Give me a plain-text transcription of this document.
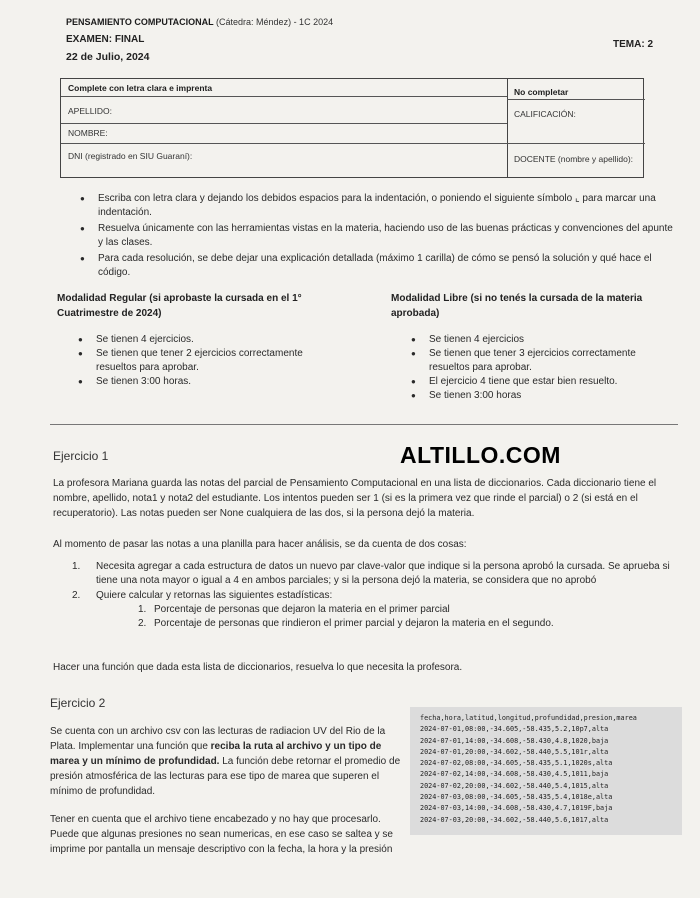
PENSAMIENTO COMPUTACIONAL (Cátedra: Méndez) - 1C 2024
EXAMEN: FINAL
22 de Julio, 2024
TEMA: 2
Complete con letra clara e imprenta	No completar
APELLIDO:
NOMBRE:
DNI (registrado en SIU Guaraní):
CALIFICACIÓN:
DOCENTE (nombre y apellido):
● Escriba con letra clara y dejando los debidos espacios para la indentación, o poniendo el siguiente símbolo ⌞ para marcar una indentación.
● Resuelva únicamente con las herramientas vistas en la materia, haciendo uso de las buenas prácticas y convenciones del apunte y las clases.
● Para cada resolución, se debe dejar una explicación detallada (máximo 1 carilla) de cómo se pensó la solución y qué hace el código.
Modalidad Regular (si aprobaste la cursada en el 1° Cuatrimestre de 2024)
● Se tienen 4 ejercicios.
● Se tienen que tener 2 ejercicios correctamente resueltos para aprobar.
● Se tienen 3:00 horas.
Modalidad Libre (si no tenés la cursada de la materia aprobada)
● Se tienen 4 ejercicios
● Se tienen que tener 3 ejercicios correctamente resueltos para aprobar.
● El ejercicio 4 tiene que estar bien resuelto.
● Se tienen 3:00 horas
Ejercicio 1	ALTILLO.COM
La profesora Mariana guarda las notas del parcial de Pensamiento Computacional en una lista de diccionarios. Cada diccionario tiene el nombre, apellido, nota1 y nota2 del estudiante. Los intentos pueden ser 1 (si es la primera vez que rinde el parcial) o 2 (si está en el recuperatorio). Las notas pueden ser None cualquiera de las dos, si la persona dejó la materia.
Al momento de pasar las notas a una planilla para hacer análisis, se da cuenta de dos cosas:
1. Necesita agregar a cada estructura de datos un nuevo par clave-valor que indique si la persona aprobó la cursada. Se aprueba si tiene una nota mayor o igual a 4 en ambos parciales; y si la persona dejó la materia, se considera que no aprobó
2. Quiere calcular y retornas las siguientes estadísticas:
1. Porcentaje de personas que dejaron la materia en el primer parcial
2. Porcentaje de personas que rindieron el primer parcial y dejaron la materia en el segundo.
Hacer una función que dada esta lista de diccionarios, resuelva lo que necesita la profesora.
Ejercicio 2
Se cuenta con un archivo csv con las lecturas de radiacion UV del Rio de la Plata. Implementar una función que reciba la ruta al archivo y un tipo de marea y un mínimo de profundidad. La función debe retornar el promedio de presión atmosférica de las lecturas para ese tipo de marea que superen el mínimo de profundidad.
Tener en cuenta que el archivo tiene encabezado y no hay que procesarlo. Puede que algunas presiones no sean numericas, en ese caso se saltea y se imprime por pantalla un mensaje descriptivo con la fecha, la hora y la presión
fecha,hora,latitud,longitud,profundidad,presion,marea
2024-07-01,08:00,-34.605,-58.435,5.2,10p7,alta
2024-07-01,14:00,-34.608,-58.430,4.8,1020,baja
2024-07-01,20:00,-34.602,-58.440,5.5,101r,alta
2024-07-02,08:00,-34.605,-58.435,5.1,1020s,alta
2024-07-02,14:00,-34.608,-58.430,4.5,1011,baja
2024-07-02,20:00,-34.602,-58.440,5.4,1015,alta
2024-07-03,08:00,-34.605,-58.435,5.4,1018e,alta
2024-07-03,14:00,-34.608,-58.430,4.7,1019F,baja
2024-07-03,20:00,-34.602,-58.440,5.6,1017,alta
